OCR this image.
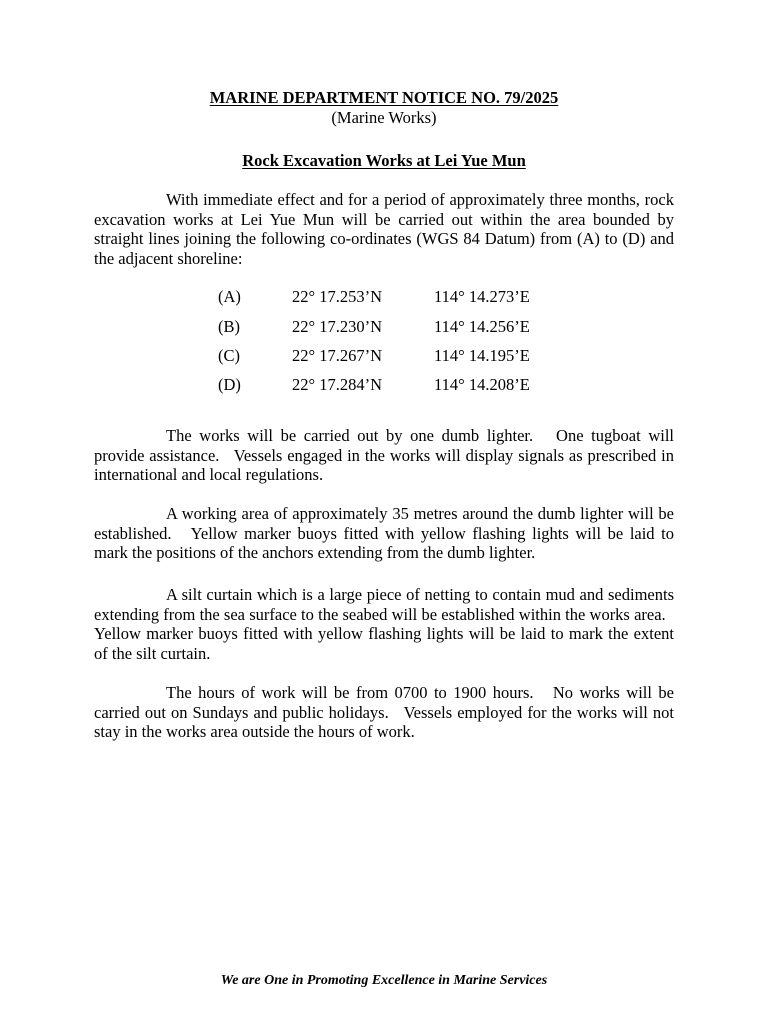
MARINE DEPARTMENT NOTICE NO. 79/2025
(Marine Works)
Rock Excavation Works at Lei Yue Mun

With immediate effect and for a period of approximately three months, rock excavation works at Lei Yue Mun will be carried out within the area bounded by straight lines joining the following co-ordinates (WGS 84 Datum) from (A) to (D) and the adjacent shoreline:

(A)	22° 17.253’N	114° 14.273’E
(B)	22° 17.230’N	114° 14.256’E
(C)	22° 17.267’N	114° 14.195’E
(D)	22° 17.284’N	114° 14.208’E

The works will be carried out by one dumb lighter.   One tugboat will provide assistance.   Vessels engaged in the works will display signals as prescribed in international and local regulations.

A working area of approximately 35 metres around the dumb lighter will be established.   Yellow marker buoys fitted with yellow flashing lights will be laid to mark the positions of the anchors extending from the dumb lighter.

A silt curtain which is a large piece of netting to contain mud and sediments extending from the sea surface to the seabed will be established within the works area.   Yellow marker buoys fitted with yellow flashing lights will be laid to mark the extent of the silt curtain.

The hours of work will be from 0700 to 1900 hours.   No works will be carried out on Sundays and public holidays.   Vessels employed for the works will not stay in the works area outside the hours of work.

We are One in Promoting Excellence in Marine Services
